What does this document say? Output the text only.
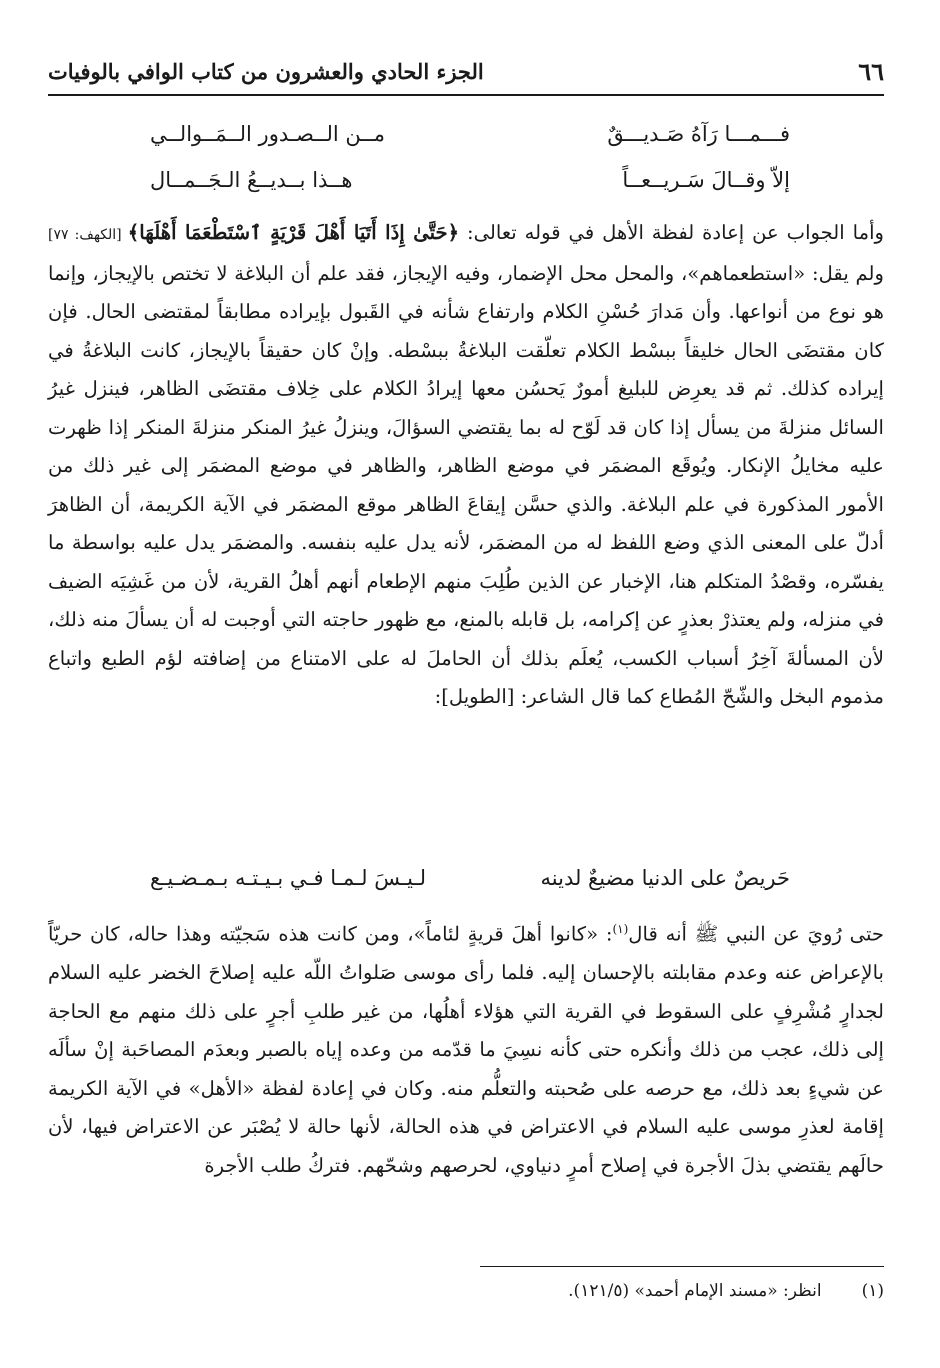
٦٦
الجزء الحادي والعشرون من كتاب الوافي بالوفيات
فـــمـــا رَآهُ صَـديـــقٌ
مــن الــصـدور الــمَــوالــي
إلاّ وقــالَ سَـريــعــاً
هــذا بــديــعُ الـجَــمــال
وأما الجواب عن إعادة لفظة الأهل في قوله تعالى: ﴿حَتَّىٰ إِذَا أَتَيَا أَهْلَ قَرْيَةٍ ٱسْتَطْعَمَا أَهْلَهَا﴾ [الكهف: ٧٧] ولم يقل: «استطعماهم»، والمحل محل الإضمار، وفيه الإيجاز، فقد علم أن البلاغة لا تختص بالإيجاز، وإنما هو نوع من أنواعها. وأن مَدارَ حُسْنِ الكلام وارتفاع شأنه في القَبول بإيراده مطابقاً لمقتضى الحال. فإن كان مقتضَى الحال خليقاً ببسْط الكلام تعلّقت البلاغةُ ببسْطه. وإنْ كان حقيقاً بالإيجاز، كانت البلاغةُ في إيراده كذلك. ثم قد يعرِض للبليغ أمورٌ يَحسُن معها إيرادُ الكلام على خِلاف مقتضَى الظاهر، فينزل غيرُ السائل منزلةَ من يسأل إذا كان قد لَوّح له بما يقتضي السؤالَ، وينزلُ غيرُ المنكر منزلةَ المنكر إذا ظهرت عليه مخايلُ الإنكار. ويُوقَع المضمَر في موضع الظاهر، والظاهر في موضع المضمَر إلى غير ذلك من الأمور المذكورة في علم البلاغة. والذي حسَّن إيقاعَ الظاهر موقع المضمَر في الآية الكريمة، أن الظاهرَ أدلّ على المعنى الذي وضع اللفظ له من المضمَر، لأنه يدل عليه بنفسه. والمضمَر يدل عليه بواسطة ما يفسّره، وقصْدُ المتكلم هنا، الإخبار عن الذين طُلِبَ منهم الإطعام أنهم أهلُ القرية، لأن من غَشِيَه الضيف في منزله، ولم يعتذرْ بعذرٍ عن إكرامه، بل قابله بالمنع، مع ظهور حاجته التي أوجبت له أن يسألَ منه ذلك، لأن المسألةَ آخِرُ أسباب الكسب، يُعلَم بذلك أن الحاملَ له على الامتناع من إضافته لؤم الطبع واتباع مذموم البخل والشّحّ المُطاع كما قال الشاعر: [الطويل]:
حَريصٌ على الدنيا مضيعٌ لدينه
لـيـسَ لـمـا فـي بـيـتـه بـمـضـيـع
حتى رُويَ عن النبي ﷺ أنه قال$^{(١)}$: «كانوا أهلَ قريةٍ لئاماً»، ومن كانت هذه سَجيّته وهذا حاله، كان حريّاً بالإعراض عنه وعدم مقابلته بالإحسان إليه. فلما رأى موسى صَلواتُ اللّه عليه إصلاحَ الخضر عليه السلام لجدارٍ مُشْرِفٍ على السقوط في القرية التي هؤلاء أهلُها، من غير طلبِ أجرٍ على ذلك منهم مع الحاجة إلى ذلك، عجب من ذلك وأنكره حتى كأنه نسِيَ ما قدّمه من وعده إياه بالصبر وبعدَم المصاحَبة إنْ سألَه عن شيءٍ بعد ذلك، مع حرصه على صُحبته والتعلُّم منه. وكان في إعادة لفظة «الأهل» في الآية الكريمة إقامة لعذرِ موسى عليه السلام في الاعتراض في هذه الحالة، لأنها حالة لا يُصْبَر عن الاعتراض فيها، لأن حالَهم يقتضي بذلَ الأجرة في إصلاح أمرٍ دنياوي، لحرصهم وشحّهم. فتركُ طلب الأجرة
(١)
انظر: «مسند الإمام أحمد» (١٢١/٥).
